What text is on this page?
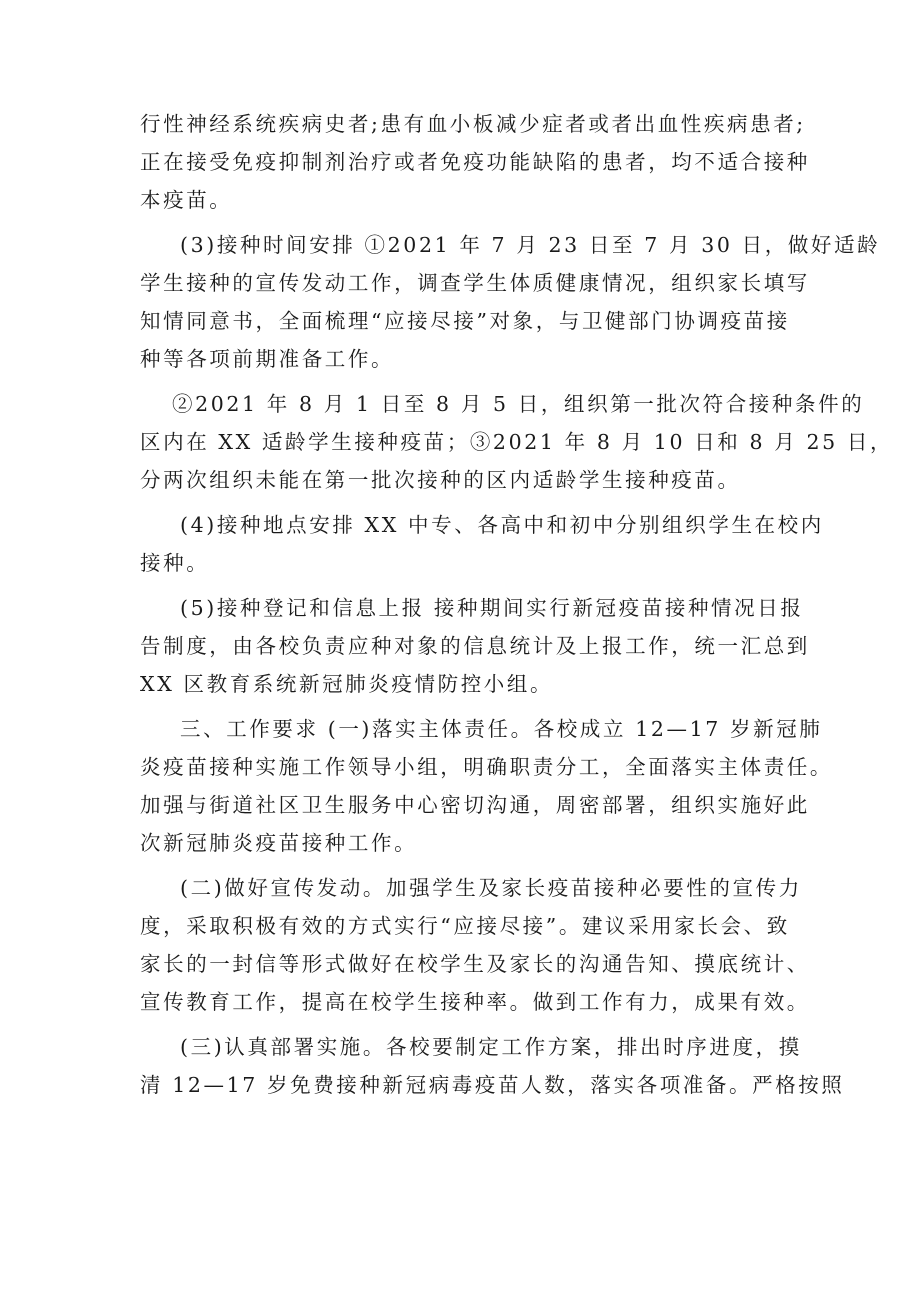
行性神经系统疾病史者;患有血小板减少症者或者出血性疾病患者;
正在接受免疫抑制剂治疗或者免疫功能缺陷的患者，均不适合接种
本疫苗。
(3)接种时间安排 ①2021 年 7 月 23 日至 7 月 30 日，做好适龄
学生接种的宣传发动工作，调查学生体质健康情况，组织家长填写
知情同意书，全面梳理“应接尽接”对象，与卫健部门协调疫苗接
种等各项前期准备工作。
②2021 年 8 月 1 日至 8 月 5 日，组织第一批次符合接种条件的
区内在 XX 适龄学生接种疫苗；③2021 年 8 月 10 日和 8 月 25 日，
分两次组织未能在第一批次接种的区内适龄学生接种疫苗。
(4)接种地点安排 XX 中专、各高中和初中分别组织学生在校内
接种。
(5)接种登记和信息上报 接种期间实行新冠疫苗接种情况日报
告制度，由各校负责应种对象的信息统计及上报工作，统一汇总到
XX 区教育系统新冠肺炎疫情防控小组。
三、工作要求 (一)落实主体责任。各校成立 12—17 岁新冠肺
炎疫苗接种实施工作领导小组，明确职责分工，全面落实主体责任。
加强与街道社区卫生服务中心密切沟通，周密部署，组织实施好此
次新冠肺炎疫苗接种工作。
(二)做好宣传发动。加强学生及家长疫苗接种必要性的宣传力
度，采取积极有效的方式实行“应接尽接”。建议采用家长会、致
家长的一封信等形式做好在校学生及家长的沟通告知、摸底统计、
宣传教育工作，提高在校学生接种率。做到工作有力，成果有效。
(三)认真部署实施。各校要制定工作方案，排出时序进度，摸
清 12—17 岁免费接种新冠病毒疫苗人数，落实各项准备。严格按照
